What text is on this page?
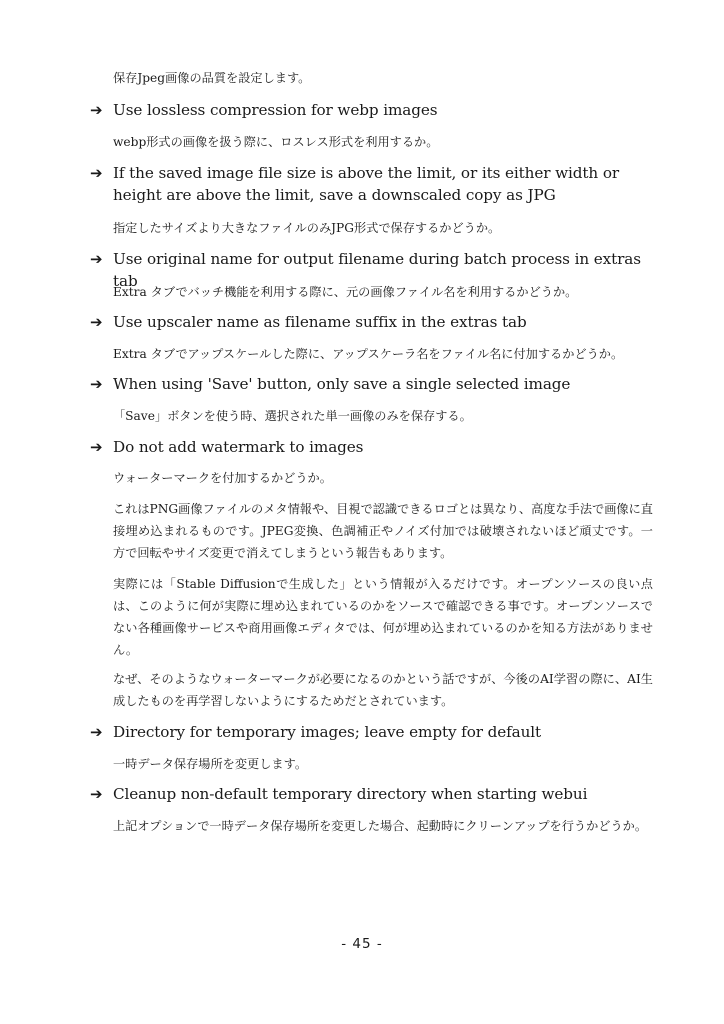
保存Jpeg画像の品質を設定します。
➔ Use lossless compression for webp images
webp形式の画像を扱う際に、ロスレス形式を利用するか。
➔ If the saved image file size is above the limit, or its either width or height are above the limit, save a downscaled copy as JPG
指定したサイズより大きなファイルのみJPG形式で保存するかどうか。
➔ Use original name for output filename during batch process in extras tab
Extra タブでバッチ機能を利用する際に、元の画像ファイル名を利用するかどうか。
➔ Use upscaler name as filename suffix in the extras tab
Extra タブでアップスケールした際に、アップスケーラ名をファイル名に付加するかどうか。
➔ When using 'Save' button, only save a single selected image
「Save」ボタンを使う時、選択された単一画像のみを保存する。
➔ Do not add watermark to images
ウォーターマークを付加するかどうか。
これはPNG画像ファイルのメタ情報や、目視で認識できるロゴとは異なり、高度な手法で画像に直接埋め込まれるものです。JPEG変換、色調補正やノイズ付加では破壊されないほど頑丈です。一方で回転やサイズ変更で消えてしまうという報告もあります。
実際には「Stable Diffusionで生成した」という情報が入るだけです。オープンソースの良い点は、このように何が実際に埋め込まれているのかをソースで確認できる事です。オープンソースでない各種画像サービスや商用画像エディタでは、何が埋め込まれているのかを知る方法がありません。
なぜ、そのようなウォーターマークが必要になるのかという話ですが、今後のAI学習の際に、AI生成したものを再学習しないようにするためだとされています。
➔ Directory for temporary images; leave empty for default
一時データ保存場所を変更します。
➔ Cleanup non-default temporary directory when starting webui
上記オプションで一時データ保存場所を変更した場合、起動時にクリーンアップを行うかどうか。
- 45 -
